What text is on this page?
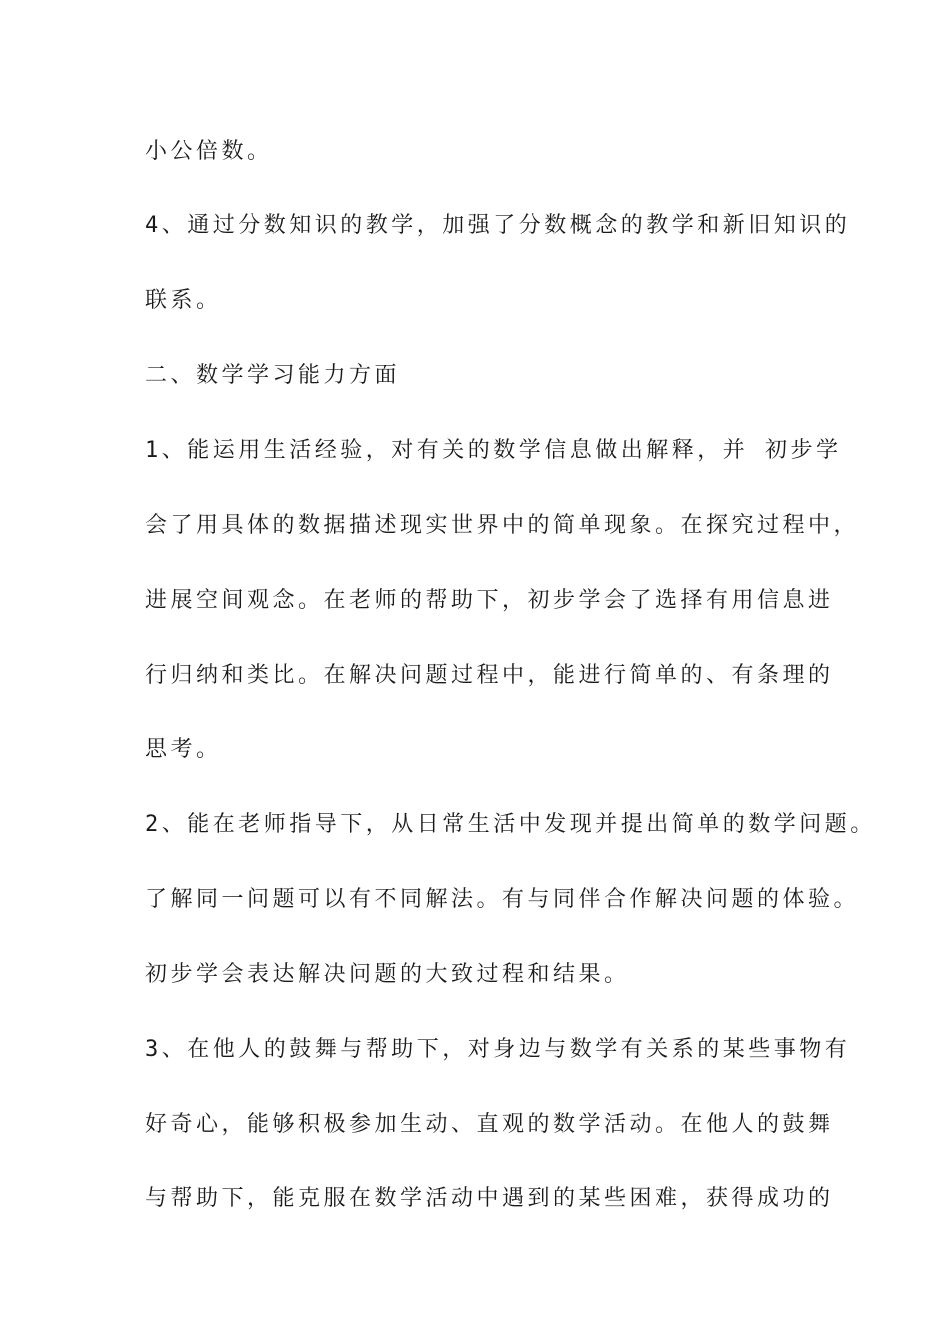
小公倍数。
4、通过分数知识的教学，加强了分数概念的教学和新旧知识的
联系。
二、数学学习能力方面
1、能运用生活经验，对有关的数学信息做出解释，并 初步学
会了用具体的数据描述现实世界中的简单现象。在探究过程中，
进展空间观念。在老师的帮助下，初步学会了选择有用信息进
行归纳和类比。在解决问题过程中，能进行简单的、有条理的
思考。
2、能在老师指导下，从日常生活中发现并提出简单的数学问题。
了解同一问题可以有不同解法。有与同伴合作解决问题的体验。
初步学会表达解决问题的大致过程和结果。
3、在他人的鼓舞与帮助下，对身边与数学有关系的某些事物有
好奇心，能够积极参加生动、直观的数学活动。在他人的鼓舞
与帮助下，能克服在数学活动中遇到的某些困难，获得成功的
